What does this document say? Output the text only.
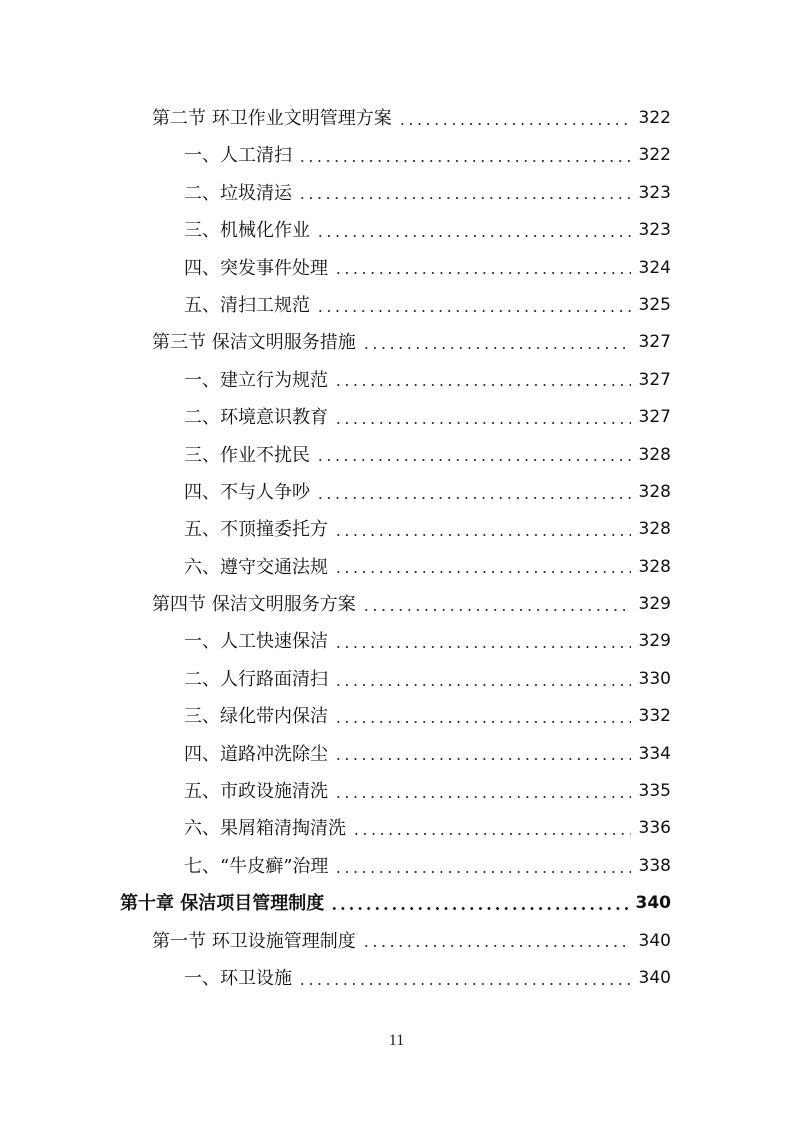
第二节 环卫作业文明管理方案	322
一、人工清扫	322
二、垃圾清运	323
三、机械化作业	323
四、突发事件处理	324
五、清扫工规范	325
第三节 保洁文明服务措施	327
一、建立行为规范	327
二、环境意识教育	327
三、作业不扰民	328
四、不与人争吵	328
五、不顶撞委托方	328
六、遵守交通法规	328
第四节 保洁文明服务方案	329
一、人工快速保洁	329
二、人行路面清扫	330
三、绿化带内保洁	332
四、道路冲洗除尘	334
五、市政设施清洗	335
六、果屑箱清掏清洗	336
七、“牛皮癣”治理	338
第十章 保洁项目管理制度	340
第一节 环卫设施管理制度	340
一、环卫设施	340
11
